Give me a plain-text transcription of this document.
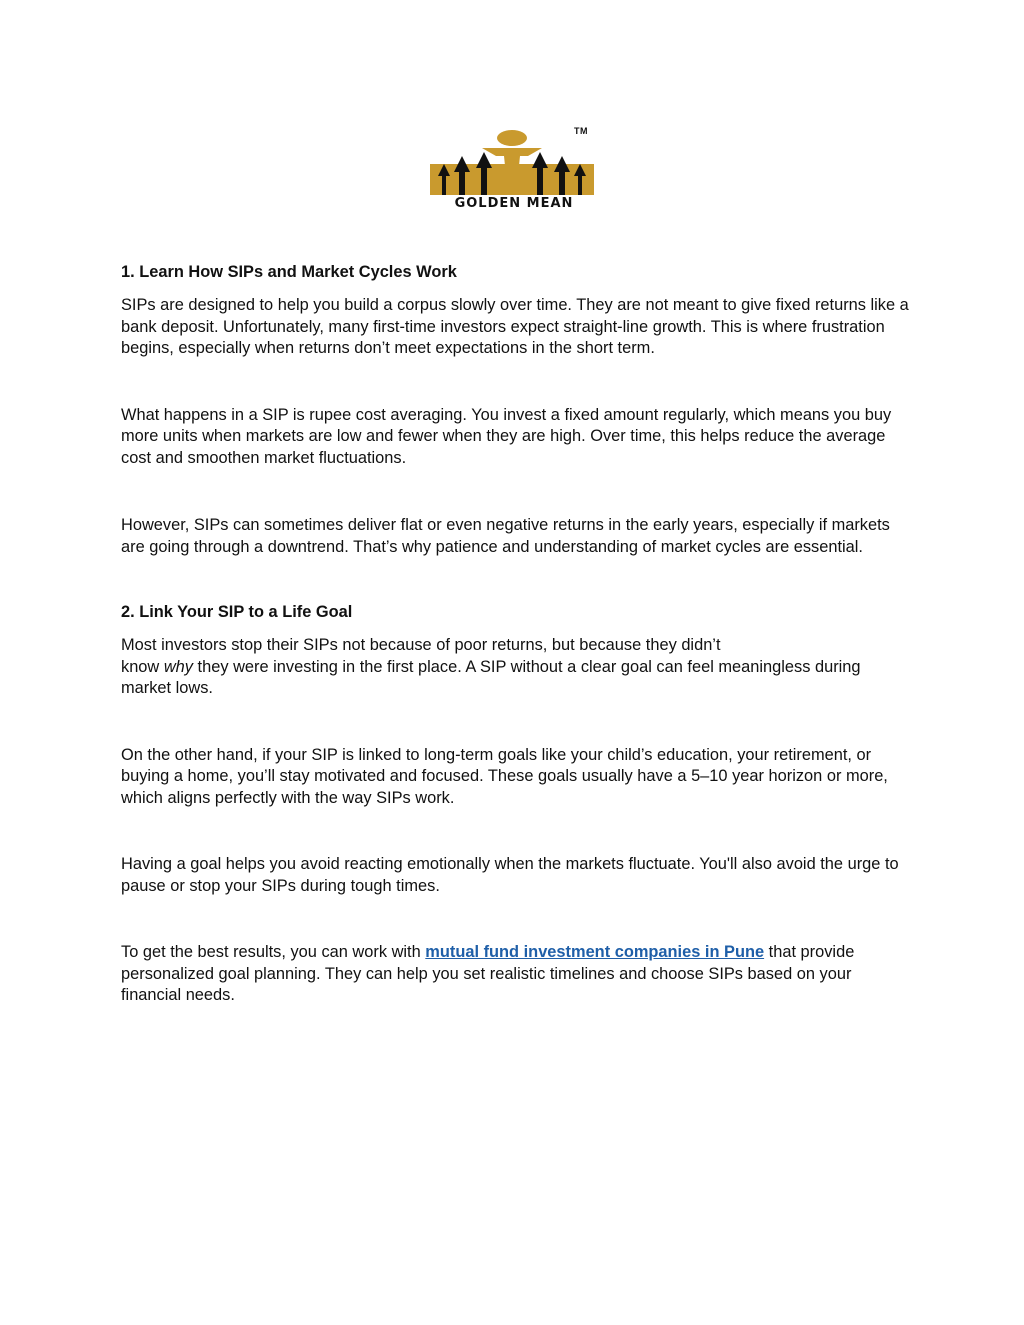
GOLDEN MEAN
TM
1. Learn How SIPs and Market Cycles Work

SIPs are designed to help you build a corpus slowly over time. They are not meant to give fixed returns like a bank deposit. Unfortunately, many first-time investors expect straight-line growth. This is where frustration begins, especially when returns don’t meet expectations in the short term.

What happens in a SIP is rupee cost averaging. You invest a fixed amount regularly, which means you buy more units when markets are low and fewer when they are high. Over time, this helps reduce the average cost and smoothen market fluctuations.

However, SIPs can sometimes deliver flat or even negative returns in the early years, especially if markets are going through a downtrend. That’s why patience and understanding of market cycles are essential.

2. Link Your SIP to a Life Goal

Most investors stop their SIPs not because of poor returns, but because they didn’t
know why they were investing in the first place. A SIP without a clear goal can feel meaningless during market lows.

On the other hand, if your SIP is linked to long-term goals like your child’s education, your retirement, or buying a home, you’ll stay motivated and focused. These goals usually have a 5–10 year horizon or more, which aligns perfectly with the way SIPs work.

Having a goal helps you avoid reacting emotionally when the markets fluctuate. You'll also avoid the urge to pause or stop your SIPs during tough times.

To get the best results, you can work with mutual fund investment companies in Pune that provide personalized goal planning. They can help you set realistic timelines and choose SIPs based on your financial needs.
